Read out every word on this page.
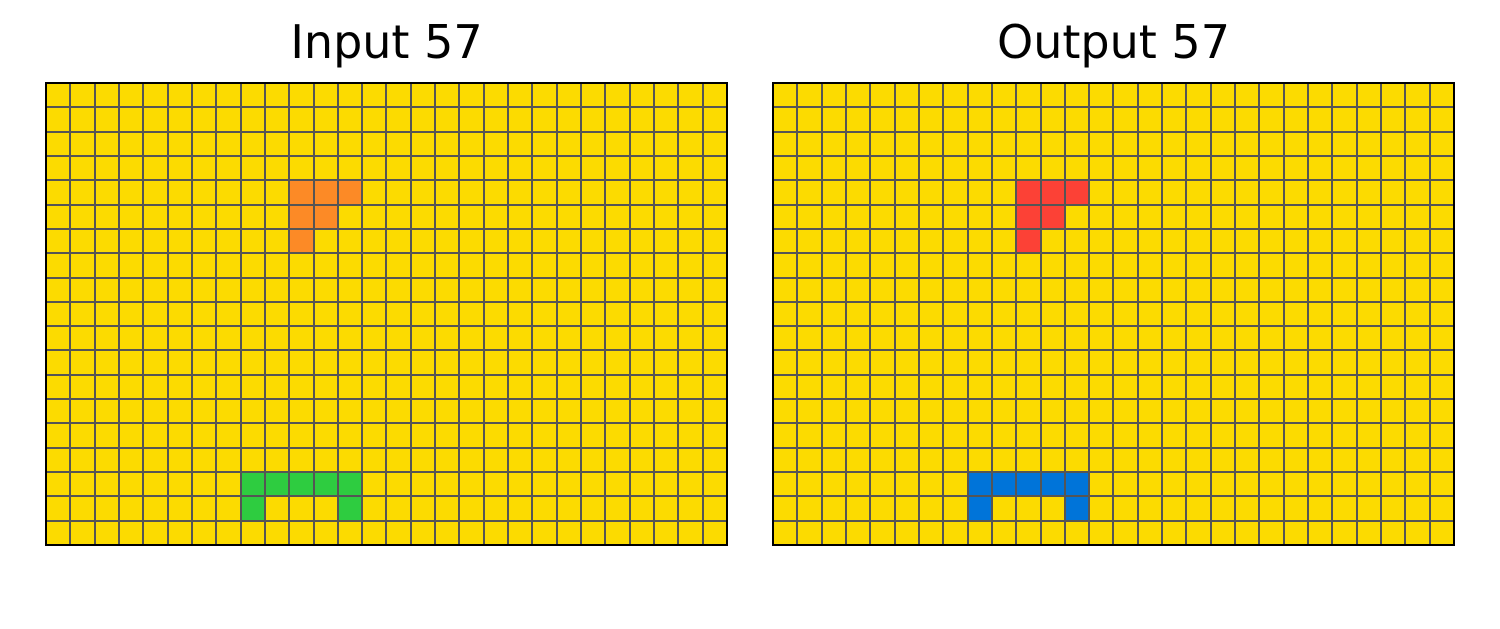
Input 57	Output 57
